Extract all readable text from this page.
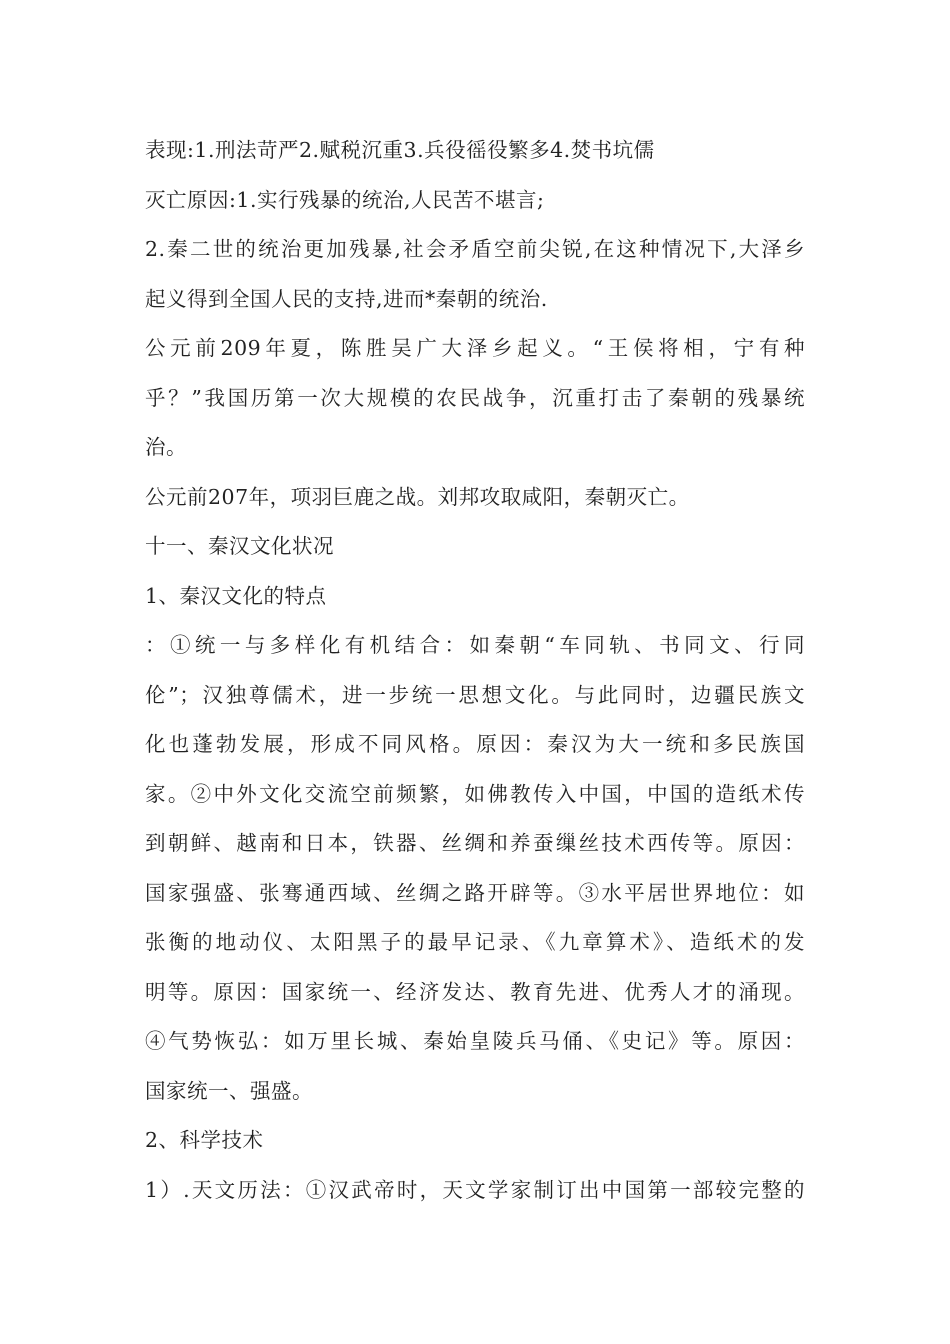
表现:1.刑法苛严2.赋税沉重3.兵役徭役繁多4.焚书坑儒
灭亡原因:1.实行残暴的统治,人民苦不堪言;
2.秦二世的统治更加残暴,社会矛盾空前尖锐,在这种情况下,大泽乡
起义得到全国人民的支持,进而*秦朝的统治.
公元前209年夏，陈胜吴广大泽乡起义。“王侯将相，宁有种
乎？”我国历第一次大规模的农民战争，沉重打击了秦朝的残暴统
治。
公元前207年，项羽巨鹿之战。刘邦攻取咸阳，秦朝灭亡。
十一、秦汉文化状况
1、秦汉文化的特点
：①统一与多样化有机结合：如秦朝“车同轨、书同文、行同
伦”；汉独尊儒术，进一步统一思想文化。与此同时，边疆民族文
化也蓬勃发展，形成不同风格。原因：秦汉为大一统和多民族国
家。②中外文化交流空前频繁，如佛教传入中国，中国的造纸术传
到朝鲜、越南和日本，铁器、丝绸和养蚕缫丝技术西传等。原因：
国家强盛、张骞通西域、丝绸之路开辟等。③水平居世界地位：如
张衡的地动仪、太阳黑子的最早记录、《九章算术》、造纸术的发
明等。原因：国家统一、经济发达、教育先进、优秀人才的涌现。
④气势恢弘：如万里长城、秦始皇陵兵马俑、《史记》等。原因：
国家统一、强盛。
2、科学技术
1）.天文历法：①汉武帝时，天文学家制订出中国第一部较完整的
